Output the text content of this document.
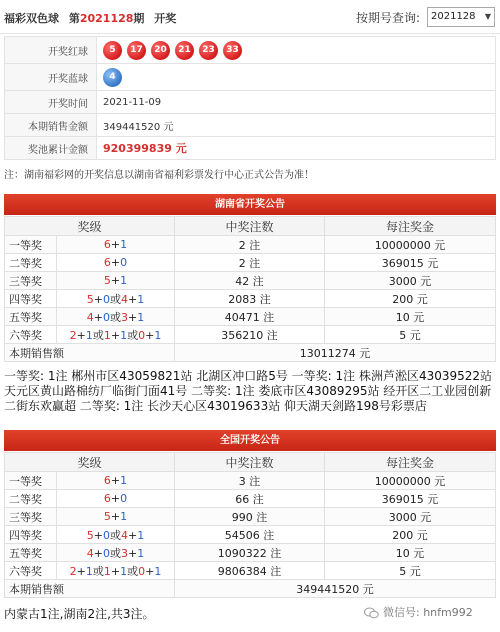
福彩双色球 第2021128期 开奖	按期号查询:	2021128 ▼
开奖红球	5 17 20 21 23 33
开奖蓝球	4
开奖时间	2021-11-09
本期销售金额	349441520 元
奖池累计金额	920399839 元
注：湖南福彩网的开奖信息以湖南省福利彩票发行中心正式公告为准！
湖南省开奖公告
奖级		中奖注数	每注奖金
一等奖	6+1	2 注	10000000 元
二等奖	6+0	2 注	369015 元
三等奖	5+1	42 注	3000 元
四等奖	5+0或4+1	2083 注	200 元
五等奖	4+0或3+1	40471 注	10 元
六等奖	2+1或1+1或0+1	356210 注	5 元
本期销售额		13011274 元	
一等奖: 1注 郴州市区43059821站 北湖区冲口路5号 一等奖: 1注 株洲芦淞区43039522站 天元区黄山路棉纺厂临街门面41号 二等奖: 1注 娄底市区43089295站 经开区二工业园创新二街东欢赢超 二等奖: 1注 长沙天心区43019633站 仰天湖天剑路198号彩票店
全国开奖公告
奖级		中奖注数	每注奖金
一等奖	6+1	3 注	10000000 元
二等奖	6+0	66 注	369015 元
三等奖	5+1	990 注	3000 元
四等奖	5+0或4+1	54506 注	200 元
五等奖	4+0或3+1	1090322 注	10 元
六等奖	2+1或1+1或0+1	9806384 注	5 元
本期销售额		349441520 元	
内蒙古1注,湖南2注,共3注。	微信号: hnfm992
